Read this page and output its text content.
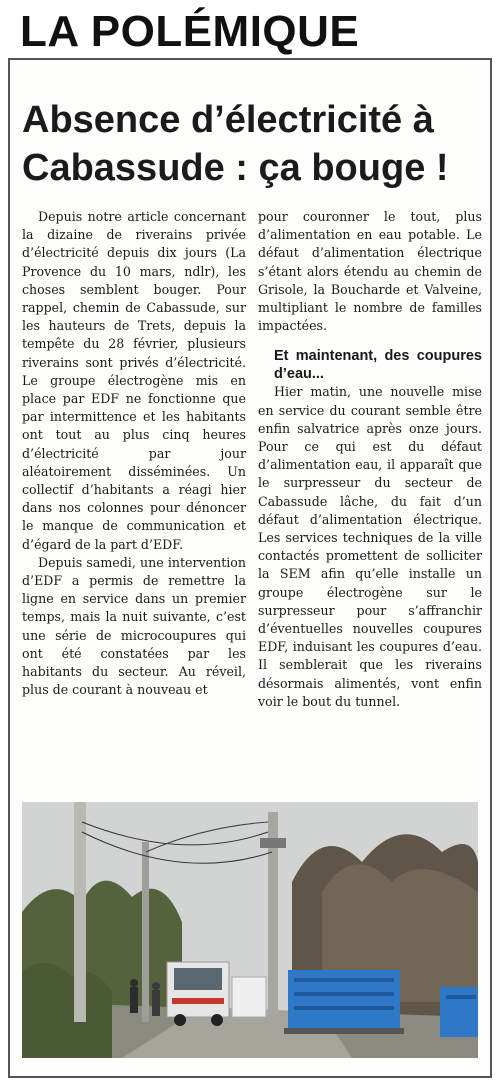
LA POLÉMIQUE
Absence d’électricité à Cabassude : ça bouge !

Depuis notre article concernant la dizaine de riverains privée d’électricité depuis dix jours (La Provence du 10 mars, ndlr), les choses semblent bouger. Pour rappel, chemin de Cabassude, sur les hauteurs de Trets, depuis la tempête du 28 février, plusieurs riverains sont privés d’électricité. Le groupe électrogène mis en place par EDF ne fonctionne que par intermittence et les habitants ont tout au plus cinq heures d’électricité par jour aléatoirement disséminées. Un collectif d’habitants a réagi hier dans nos colonnes pour dénoncer le manque de communication et d’égard de la part d’EDF.

Depuis samedi, une intervention d’EDF a permis de remettre la ligne en service dans un premier temps, mais la nuit suivante, c’est une série de microcoupures qui ont été constatées par les habitants du secteur. Au réveil, plus de courant à nouveau et

pour couronner le tout, plus d’alimentation en eau potable. Le défaut d’alimentation électrique s’étant alors étendu au chemin de Grisole, la Boucharde et Valveine, multipliant le nombre de familles impactées.

Et maintenant, des coupures d’eau...

Hier matin, une nouvelle mise en service du courant semble être enfin salvatrice après onze jours. Pour ce qui est du défaut d’alimentation eau, il apparaît que le surpresseur du secteur de Cabassude lâche, du fait d’un défaut d’alimentation électrique. Les services techniques de la ville contactés promettent de solliciter la SEM afin qu’elle installe un groupe électrogène sur le surpresseur pour s’affranchir d’éventuelles nouvelles coupures EDF, induisant les coupures d’eau. Il semblerait que les riverains désormais alimentés, vont enfin voir le bout du tunnel.
